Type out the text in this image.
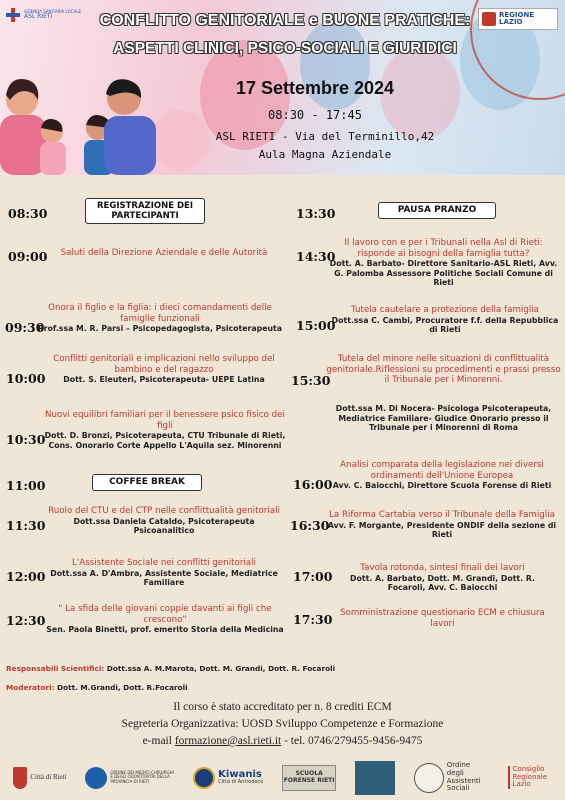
AZIENDA SANITARIA LOCALE
ASL RIETI	REGIONE
LAZIO
CONFLITTO GENITORIALE e BUONE PRATICHE:
ASPETTI CLINICI, PSICO-SOCIALI E GIURIDICI
17 Settembre 2024
08:30 - 17:45
ASL RIETI - Via del Terminillo,42
Aula Magna Aziendale
08:30	REGISTRAZIONE DEI PARTECIPANTI
09:00	Saluti della Direzione Aziendale e delle Autorità
09:30
Onora il figlio e la figlia: i dieci comandamenti delle famiglie funzionali
Prof.ssa M. R. Parsi – Psicopedagogista, Psicoterapeuta
10:00
Conflitti genitoriali e implicazioni nello sviluppo del bambino e del ragazzo
Dott. S. Eleuteri, Psicoterapeuta- UEPE Latina
10:30
Nuovi equilibri familiari per il benessere psico fisico dei figli
Dott. D. Bronzi, Psicoterapeuta, CTU Tribunale di Rieti, Cons. Onorario Corte Appello L'Aquila sez. Minorenni
11:00	COFFEE BREAK
11:30
Ruolo del CTU e del CTP nelle conflittualità genitoriali
Dott.ssa Daniela Cataldo, Psicoterapeuta Psicoanalitico
12:00
L'Assistente Sociale nei conflitti genitoriali
Dott.ssa A. D'Ambra, Assistente Sociale, Mediatrice Familiare
12:30
" La sfida delle giovani coppie davanti ai figli che crescono"
Sen. Paola Binetti, prof. emerito Storia della Medicina
13:30	PAUSA PRANZO
14:30
Il lavoro con e per i Tribunali nella Asl di Rieti: risponde ai bisogni della famiglia tutta?
Dott. A. Barbato- Direttore Sanitario-ASL Rieti, Avv. G. Palomba Assessore Politiche Sociali Comune di Rieti
15:00
Tutela cautelare a protezione della famiglia
Dott.ssa C. Cambi, Procuratore f.f. della Repubblica di Rieti
15:30
Tutela del minore nelle situazioni di conflittualità genitoriale.Riflessioni su procedimenti e prassi presso il Tribunale per i Minorenni.
Dott.ssa M. Di Nocera- Psicologa Psicoterapeuta, Mediatrice Familiare- Giudice Onorario presso il Tribunale per i Minorenni di Roma
16:00
Analisi comparata della legislazione nei diversi ordinamenti dell'Unione Europea
Avv. C. Baiocchi, Direttore Scuola Forense di Rieti
16:30
La Riforma Cartabia verso il Tribunale della Famiglia
Avv. F. Morgante, Presidente ONDIF della sezione di Rieti
17:00
Tavola rotonda, sintesi finali dei lavori
Dott. A. Barbato, Dott. M. Grandi, Dott. R. Focaroli, Avv. C. Baiocchi
17:30 Somministrazione questionario ECM e chiusura lavori
Responsabili Scientifici: Dott.ssa A. M.Marota, Dott. M. Grandi, Dott. R. Focaroli
Moderatori: Dott. M.Grandi, Dott. R.Focaroli
Il corso è stato accreditato per n. 8 crediti ECM
Segreteria Organizzativa: UOSD Sviluppo Competenze e Formazione
e-mail formazione@asl.rieti.it - tel. 0746/279455-9456-9475
Città di Rieti
ORDINE DEI MEDICI-CHIRURGHI E DEGLI ODONTOIATRI DELLA PROVINCIA DI RIETI
Kiwanis
Città di Antrodoco
SCUOLA FORENSE RIETI
Ordine degli Assistenti Sociali
Consiglio Regionale Lazio
